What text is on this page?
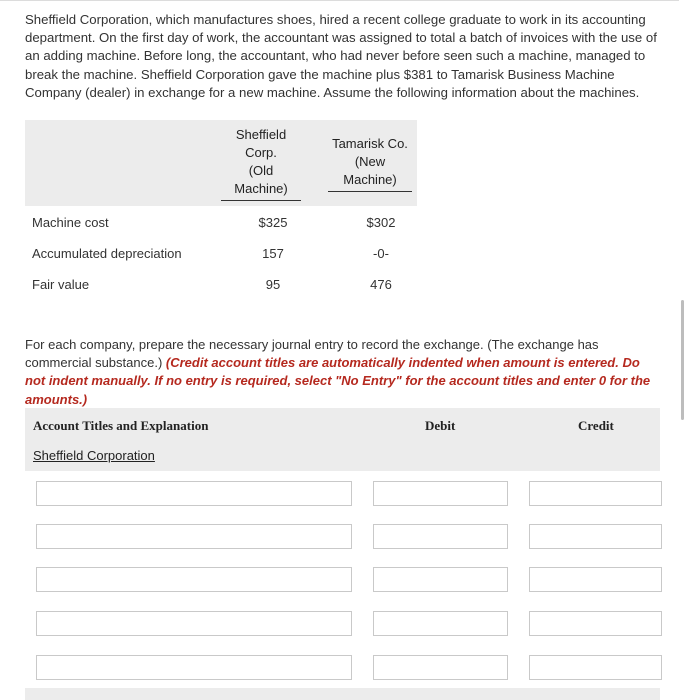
Sheffield Corporation, which manufactures shoes, hired a recent college graduate to work in its accounting department. On the first day of work, the accountant was assigned to total a batch of invoices with the use of an adding machine. Before long, the accountant, who had never before seen such a machine, managed to break the machine. Sheffield Corporation gave the machine plus $381 to Tamarisk Business Machine Company (dealer) in exchange for a new machine. Assume the following information about the machines.

Sheffield
Corp.
(Old
Machine)
Tamarisk Co.
(New
Machine)
Machine cost	$325	$302
Accumulated depreciation	157	-0-
Fair value	95	476

For each company, prepare the necessary journal entry to record the exchange. (The exchange has commercial substance.) (Credit account titles are automatically indented when amount is entered. Do not indent manually. If no entry is required, select "No Entry" for the account titles and enter 0 for the amounts.)

Account Titles and Explanation	Debit	Credit
Sheffield Corporation
